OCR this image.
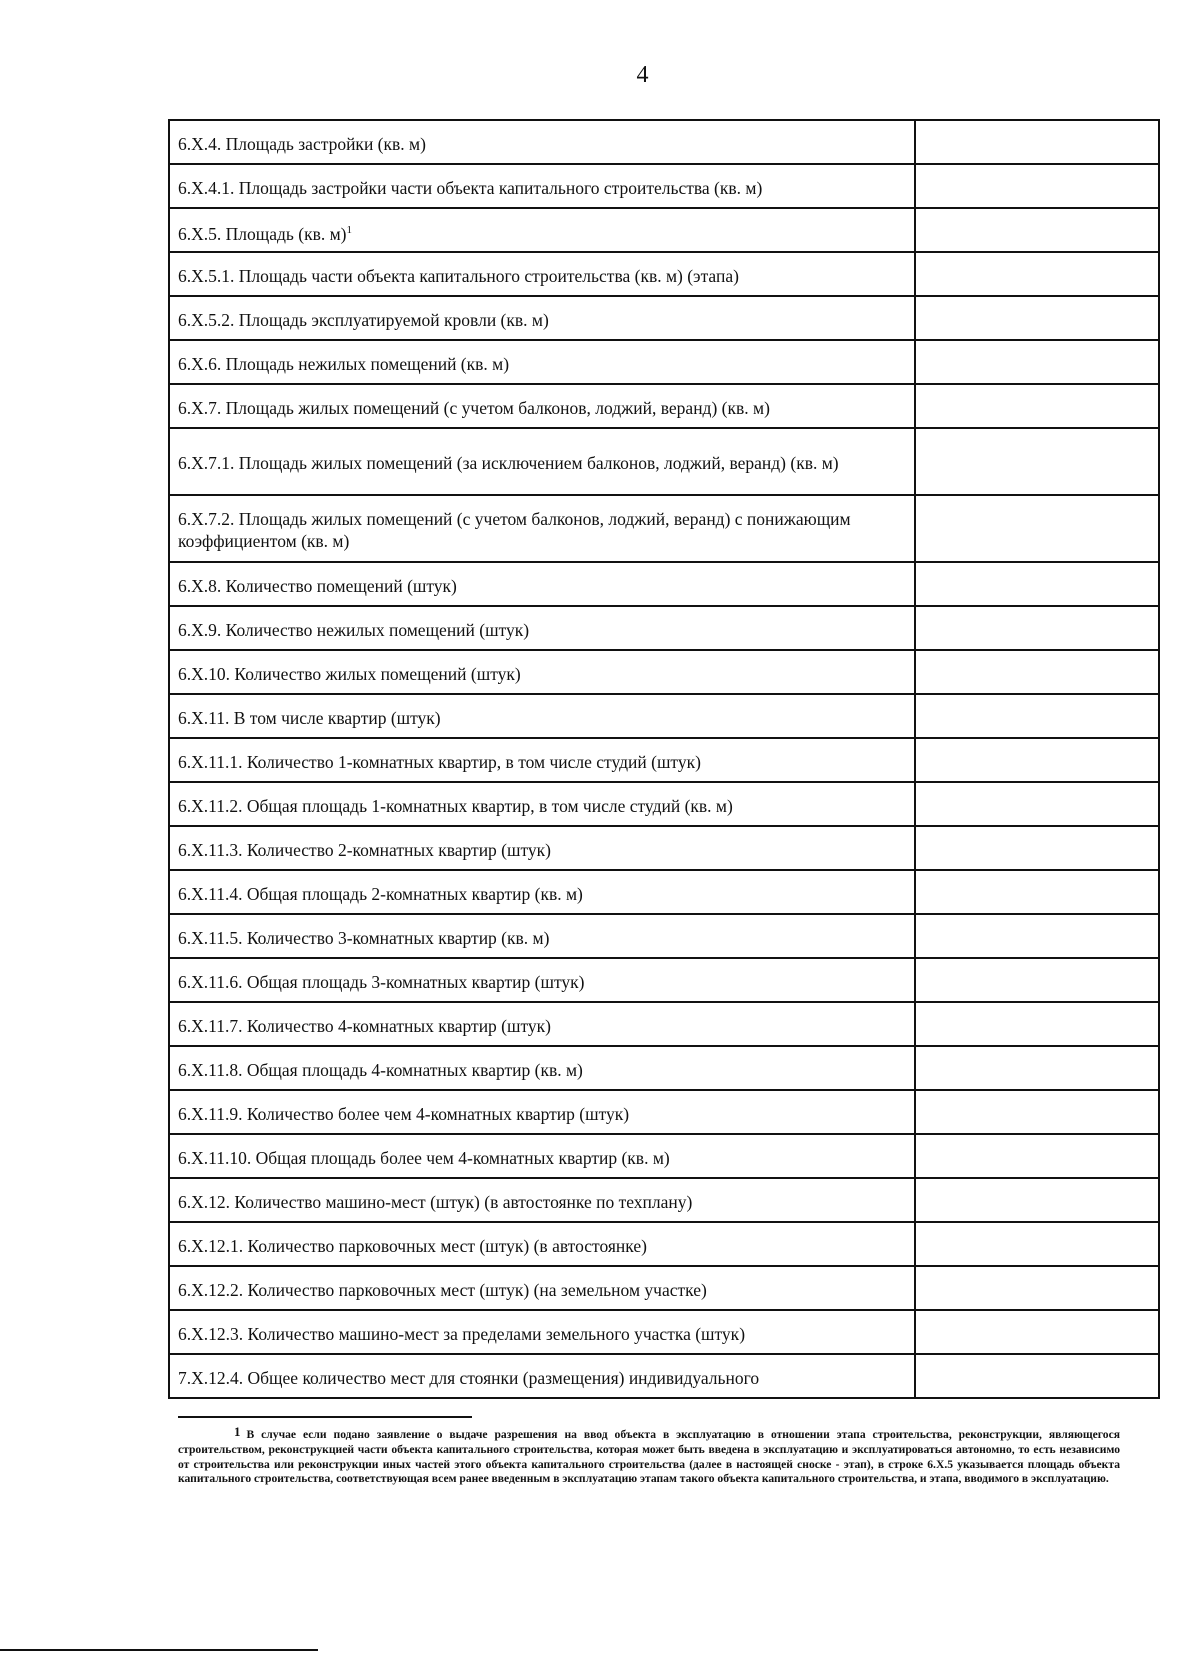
4
6.X.4. Площадь застройки (кв. м)	
6.X.4.1. Площадь застройки части объекта капитального строительства (кв. м)	
6.X.5. Площадь (кв. м)$^1$	
6.X.5.1. Площадь части объекта капитального строительства (кв. м) (этапа)	
6.X.5.2. Площадь эксплуатируемой кровли (кв. м)	
6.X.6. Площадь нежилых помещений (кв. м)	
6.X.7. Площадь жилых помещений (с учетом балконов, лоджий, веранд) (кв. м)	
6.X.7.1. Площадь жилых помещений (за исключением балконов, лоджий, веранд) (кв. м)	
6.X.7.2. Площадь жилых помещений (с учетом балконов, лоджий, веранд) с понижающим коэффициентом (кв. м)	
6.X.8. Количество помещений (штук)	
6.X.9. Количество нежилых помещений (штук)	
6.X.10. Количество жилых помещений (штук)	
6.X.11. В том числе квартир (штук)	
6.X.11.1. Количество 1-комнатных квартир, в том числе студий (штук)	
6.X.11.2. Общая площадь 1-комнатных квартир, в том числе студий (кв. м)	
6.X.11.3. Количество 2-комнатных квартир (штук)	
6.X.11.4. Общая площадь 2-комнатных квартир (кв. м)	
6.X.11.5. Количество 3-комнатных квартир (кв. м)	
6.X.11.6. Общая площадь 3-комнатных квартир (штук)	
6.X.11.7. Количество 4-комнатных квартир (штук)	
6.X.11.8. Общая площадь 4-комнатных квартир (кв. м)	
6.X.11.9. Количество более чем 4-комнатных квартир (штук)	
6.X.11.10. Общая площадь более чем 4-комнатных квартир (кв. м)	
6.X.12. Количество машино-мест (штук) (в автостоянке по техплану)	
6.X.12.1. Количество парковочных мест (штук) (в автостоянке)	
6.X.12.2. Количество парковочных мест (штук) (на земельном участке)	
6.X.12.3. Количество машино-мест за пределами земельного участка (штук)	
7.X.12.4. Общее количество мест для стоянки (размещения) индивидуального	
1 В случае если подано заявление о выдаче разрешения на ввод объекта в эксплуатацию в отношении этапа строительства, реконструкции, являющегося строительством, реконструкцией части объекта капитального строительства, которая может быть введена в эксплуатацию и эксплуатироваться автономно, то есть независимо от строительства или реконструкции иных частей этого объекта капитального строительства (далее в настоящей сноске - этап), в строке 6.X.5 указывается площадь объекта капитального строительства, соответствующая всем ранее введенным в эксплуатацию этапам такого объекта капитального строительства, и этапа, вводимого в эксплуатацию.
